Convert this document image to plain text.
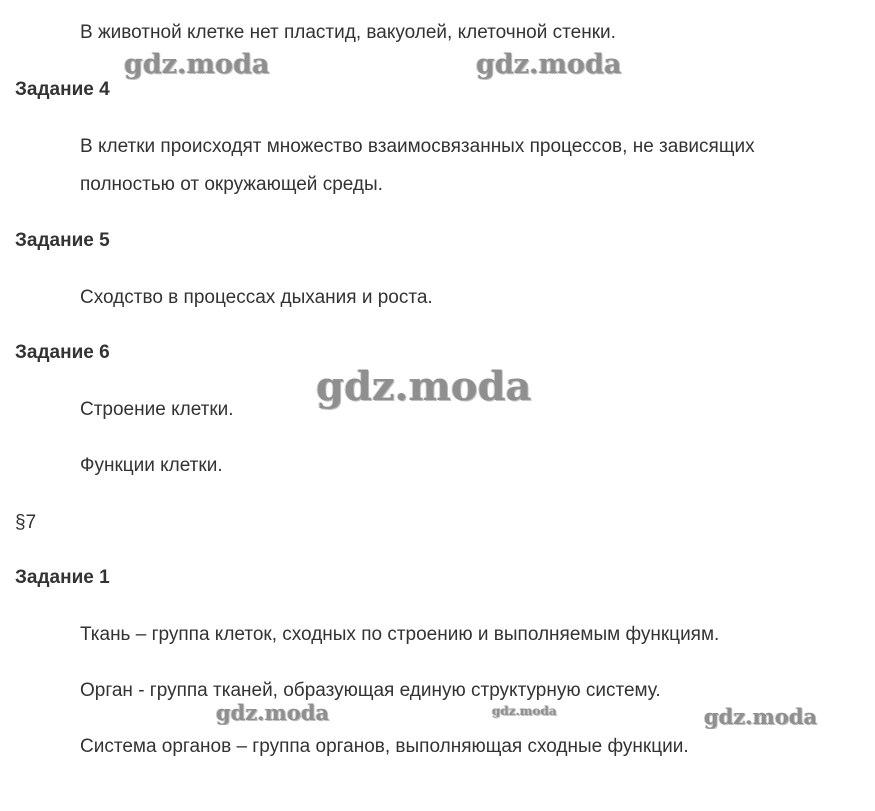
В животной клетке нет пластид, вакуолей, клеточной стенки.
Задание 4
В клетки происходят множество взаимосвязанных процессов, не зависящих
полностью от окружающей среды.
Задание 5
Сходство в процессах дыхания и роста.
Задание 6
Строение клетки.
Функции клетки.
§7
Задание 1
Ткань – группа клеток, сходных по строению и выполняемым функциям.
Орган - группа тканей, образующая единую структурную систему.
Система органов – группа органов, выполняющая сходные функции.
gdz.moda	gdz.moda
gdz.moda
gdz.moda	gdz.moda	gdz.moda
